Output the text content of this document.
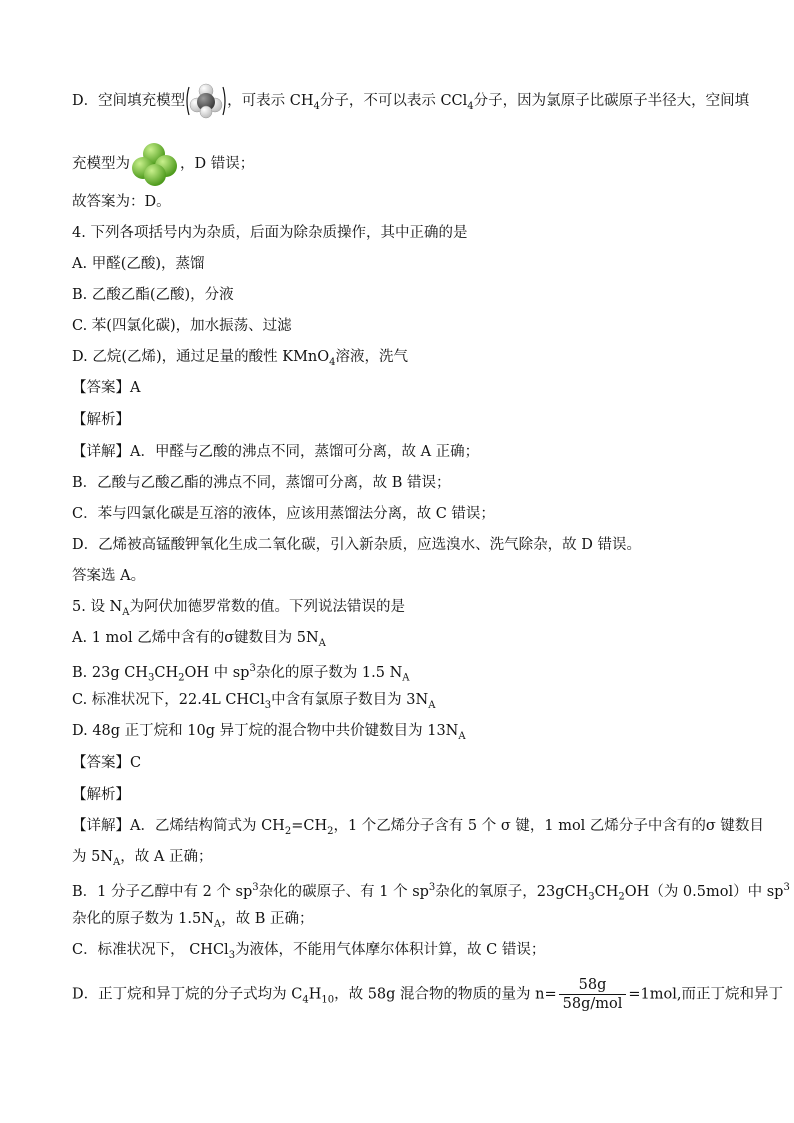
D．空间填充模型	，可表示 $CH_4$分子，不可以表示 CCl$_4$分子，因为氯原子比碳原子半径大，空间填
充模型为	，D 错误；
故答案为：D。
4. 下列各项括号内为杂质，后面为除杂质操作，其中正确的是
A. 甲醛(乙酸)，蒸馏
B. 乙酸乙酯(乙酸)，分液
C. 苯(四氯化碳)，加水振荡、过滤
D. 乙烷(乙烯)，通过足量的酸性 KMnO$_4$溶液，洗气
【答案】A
【解析】
【详解】A．甲醛与乙酸的沸点不同，蒸馏可分离，故 A 正确；
B．乙酸与乙酸乙酯的沸点不同，蒸馏可分离，故 B 错误；
C．苯与四氯化碳是互溶的液体，应该用蒸馏法分离，故 C 错误；
D．乙烯被高锰酸钾氧化生成二氧化碳，引入新杂质，应选溴水、洗气除杂，故 D 错误。
答案选 A。
5. 设 $N_A$为阿伏加德罗常数的值。下列说法错误的是
A. 1 mol 乙烯中含有的σ键数目为 $5N_A$
B. 23g $CH_3CH_2OH$ 中 $sp^3$杂化的原子数为 1.5 $N_A$
C. 标准状况下，22.4L CHCl$_3$中含有氯原子数目为 $3N_A$
D. 48g 正丁烷和 10g 异丁烷的混合物中共价键数目为 $13N_A$
【答案】C
【解析】
【详解】A．乙烯结构简式为 $CH_2=CH_2$，1 个乙烯分子含有 5 个 σ 键，1 mol 乙烯分子中含有的σ 键数目
为 $5N_A$，故 A 正确；
B．1 分子乙醇中有 2 个 $sp^3$杂化的碳原子、有 1 个 $sp^3$杂化的氧原子，$23gCH_3CH_2OH$（为 0.5mol）中 $sp^3$
杂化的原子数为 $1.5N_A$，故 B 正确；
C．标准状况下， CHCl$_3$为液体，不能用气体摩尔体积计算，故 C 错误；
D．正丁烷和异丁烷的分子式均为 $C_4H_{10}$，故 58g 混合物的物质的量为 $n= \frac{58g}{\text{58g/mol}} =1mol$,而正丁烷和异丁
